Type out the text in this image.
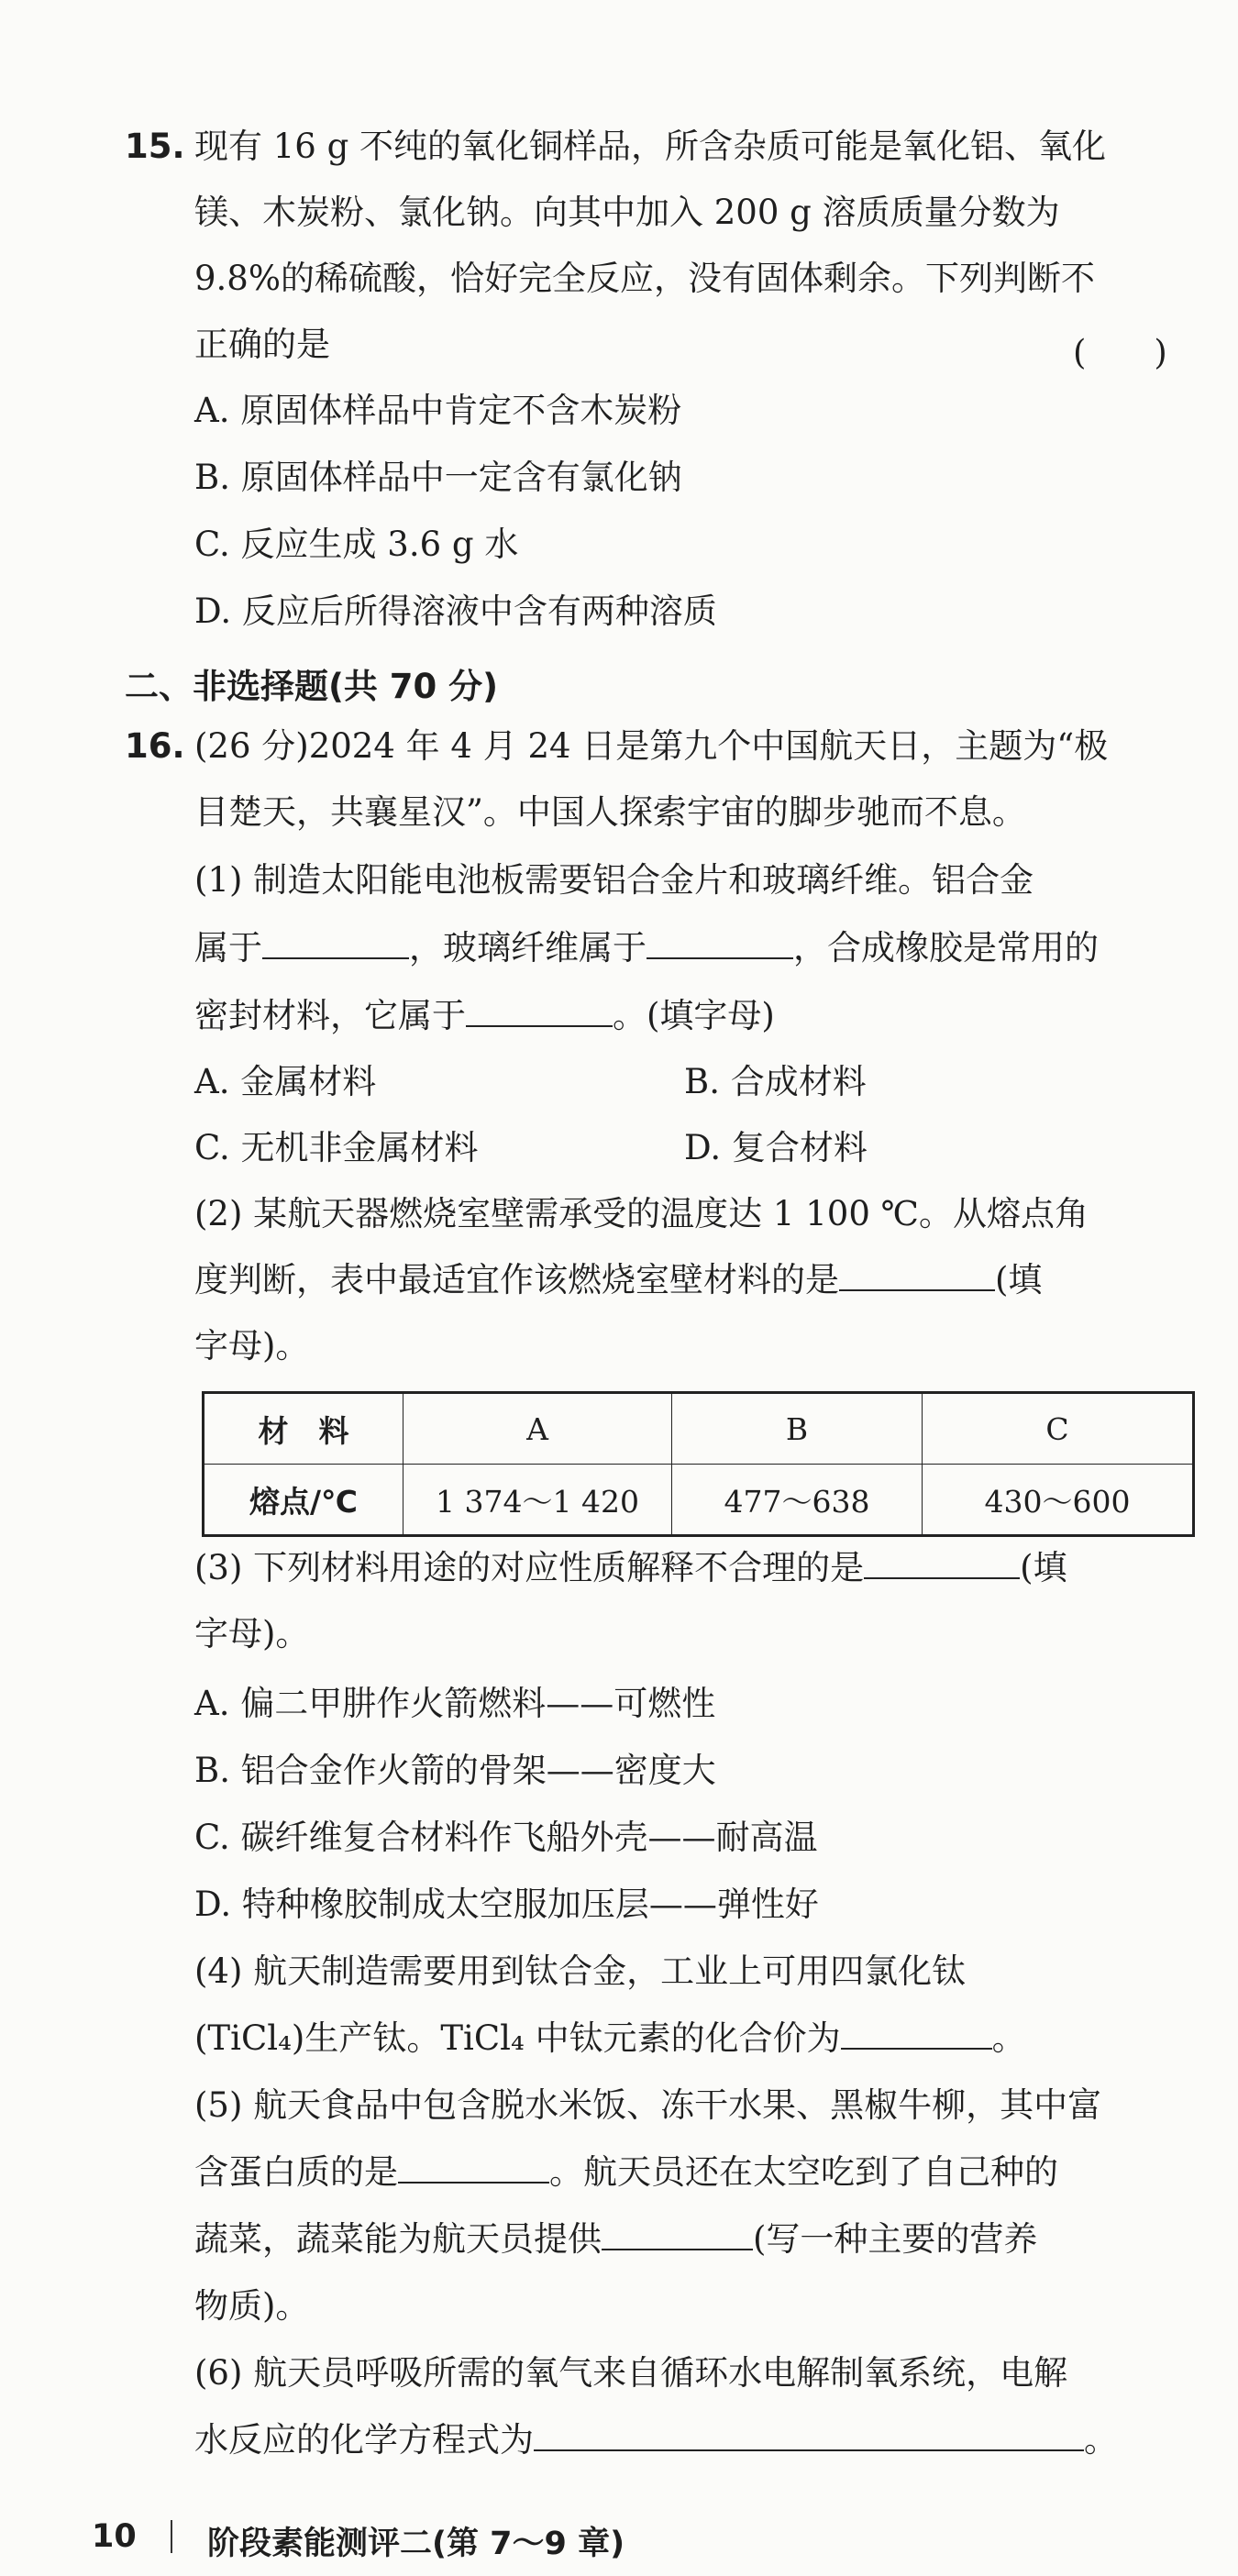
15. 现有 16 g 不纯的氧化铜样品，所含杂质可能是氧化铝、氧化
镁、木炭粉、氯化钠。向其中加入 200 g 溶质质量分数为
9.8%的稀硫酸，恰好完全反应，没有固体剩余。下列判断不
正确的是	(　　)
A. 原固体样品中肯定不含木炭粉
B. 原固体样品中一定含有氯化钠
C. 反应生成 3.6 g 水
D. 反应后所得溶液中含有两种溶质
二、非选择题(共 70 分)
16. (26 分)2024 年 4 月 24 日是第九个中国航天日，主题为“极
目楚天，共襄星汉”。中国人探索宇宙的脚步驰而不息。
(1) 制造太阳能电池板需要铝合金片和玻璃纤维。铝合金
属于	，玻璃纤维属于	，合成橡胶是常用的
密封材料，它属于	。(填字母)
A. 金属材料	B. 合成材料
C. 无机非金属材料	D. 复合材料
(2) 某航天器燃烧室壁需承受的温度达 1 100 ℃。从熔点角
度判断，表中最适宜作该燃烧室壁材料的是	(填
字母)。
材　料	A	B	C
熔点/℃	1 374～1 420	477～638	430～600
(3) 下列材料用途的对应性质解释不合理的是	(填
字母)。
A. 偏二甲肼作火箭燃料——可燃性
B. 铝合金作火箭的骨架——密度大
C. 碳纤维复合材料作飞船外壳——耐高温
D. 特种橡胶制成太空服加压层——弹性好
(4) 航天制造需要用到钛合金，工业上可用四氯化钛
(TiCl₄)生产钛。TiCl₄ 中钛元素的化合价为	。
(5) 航天食品中包含脱水米饭、冻干水果、黑椒牛柳，其中富
含蛋白质的是	。航天员还在太空吃到了自己种的
蔬菜，蔬菜能为航天员提供	(写一种主要的营养
物质)。
(6) 航天员呼吸所需的氧气来自循环水电解制氧系统，电解
水反应的化学方程式为	。
10 阶段素能测评二(第 7～9 章)
